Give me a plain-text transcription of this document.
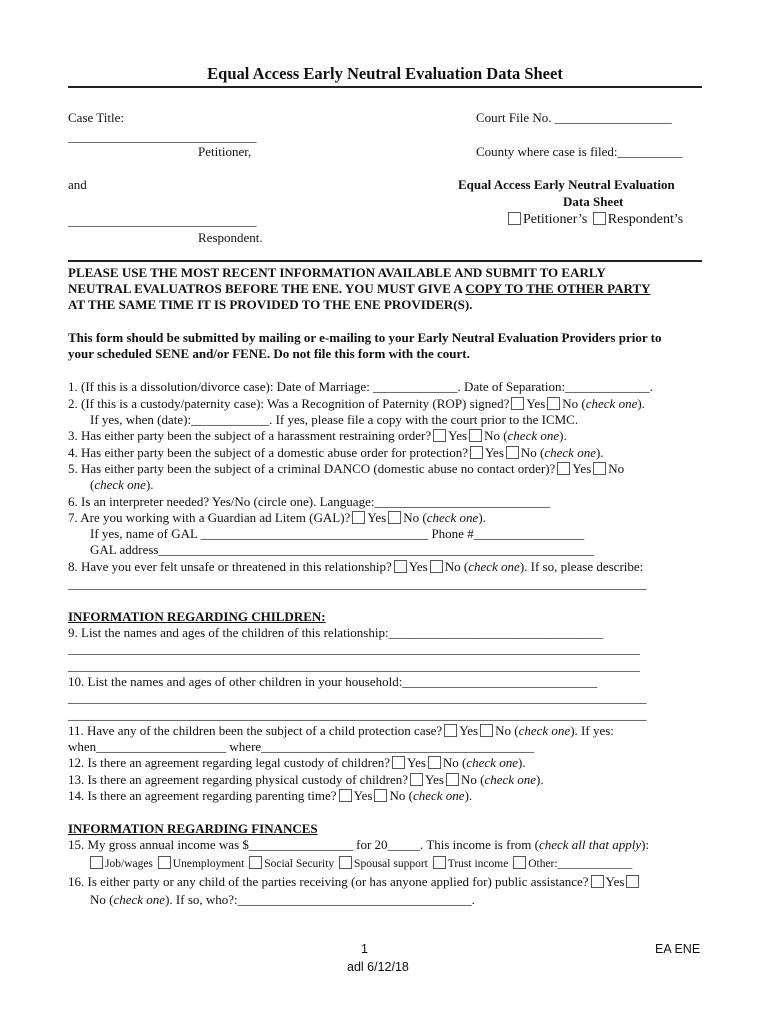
Equal Access Early Neutral Evaluation Data Sheet
Case Title:
_____________________________
Petitioner,
and
_____________________________
Respondent.
Court File No. __________________
County where case is filed:__________
Equal Access Early Neutral Evaluation
Data Sheet
Petitioner’s Respondent’s
PLEASE USE THE MOST RECENT INFORMATION AVAILABLE AND SUBMIT TO EARLY
NEUTRAL EVALUATROS BEFORE THE ENE. YOU MUST GIVE A COPY TO THE OTHER PARTY
AT THE SAME TIME IT IS PROVIDED TO THE ENE PROVIDER(S).
This form should be submitted by mailing or e-mailing to your Early Neutral Evaluation Providers prior to
your scheduled SENE and/or FENE. Do not file this form with the court.
1. (If this is a dissolution/divorce case): Date of Marriage: _____________. Date of Separation:_____________.
2. (If this is a custody/paternity case): Was a Recognition of Paternity (ROP) signed? Yes No (check one).
If yes, when (date):____________. If yes, please file a copy with the court prior to the ICMC.
3. Has either party been the subject of a harassment restraining order? Yes No (check one).
4. Has either party been the subject of a domestic abuse order for protection? Yes No (check one).
5. Has either party been the subject of a criminal DANCO (domestic abuse no contact order)? Yes No
(check one).
6. Is an interpreter needed? Yes/No (circle one). Language:___________________________
7. Are you working with a Guardian ad Litem (GAL)? Yes No (check one).
If yes, name of GAL ___________________________________ Phone #_________________
GAL address___________________________________________________________________
8. Have you ever felt unsafe or threatened in this relationship? Yes No (check one). If so, please describe:
_________________________________________________________________________________________
INFORMATION REGARDING CHILDREN:
9. List the names and ages of the children of this relationship:_________________________________
________________________________________________________________________________________
________________________________________________________________________________________
10. List the names and ages of other children in your household:______________________________
_________________________________________________________________________________________
_________________________________________________________________________________________
11. Have any of the children been the subject of a child protection case? Yes No (check one). If yes:
when____________________ where__________________________________________
12. Is there an agreement regarding legal custody of children? Yes No (check one).
13. Is there an agreement regarding physical custody of children? Yes No (check one).
14. Is there an agreement regarding parenting time? Yes No (check one).
INFORMATION REGARDING FINANCES
15. My gross annual income was $________________ for 20_____. This income is from (check all that apply):
Job/wages Unemployment Social Security Spousal support Trust income Other:_____________
16. Is either party or any child of the parties receiving (or has anyone applied for) public assistance? Yes
No (check one). If so, who?:____________________________________.
1	EA ENE
adl 6/12/18
